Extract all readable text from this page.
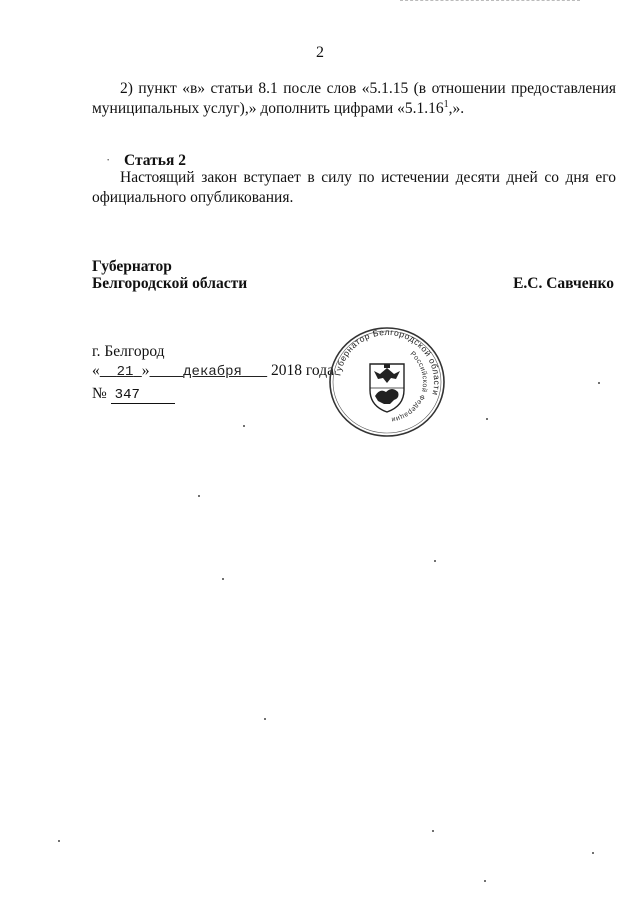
2

2) пункт «в» статьи 8.1 после слов «5.1.15 (в отношении предоставления муниципальных услуг),» дополнить цифрами «5.1.16$^1$,».

· Статья 2

Настоящий закон вступает в силу по истечении десяти дней со дня его официального опубликования.

Губернатор

Белгородской области	Е.С. Савченко
г. Белгород
« 21 » декабря 2018 года
№ 347
Губернатор Белгородской области
Российской Федерации
